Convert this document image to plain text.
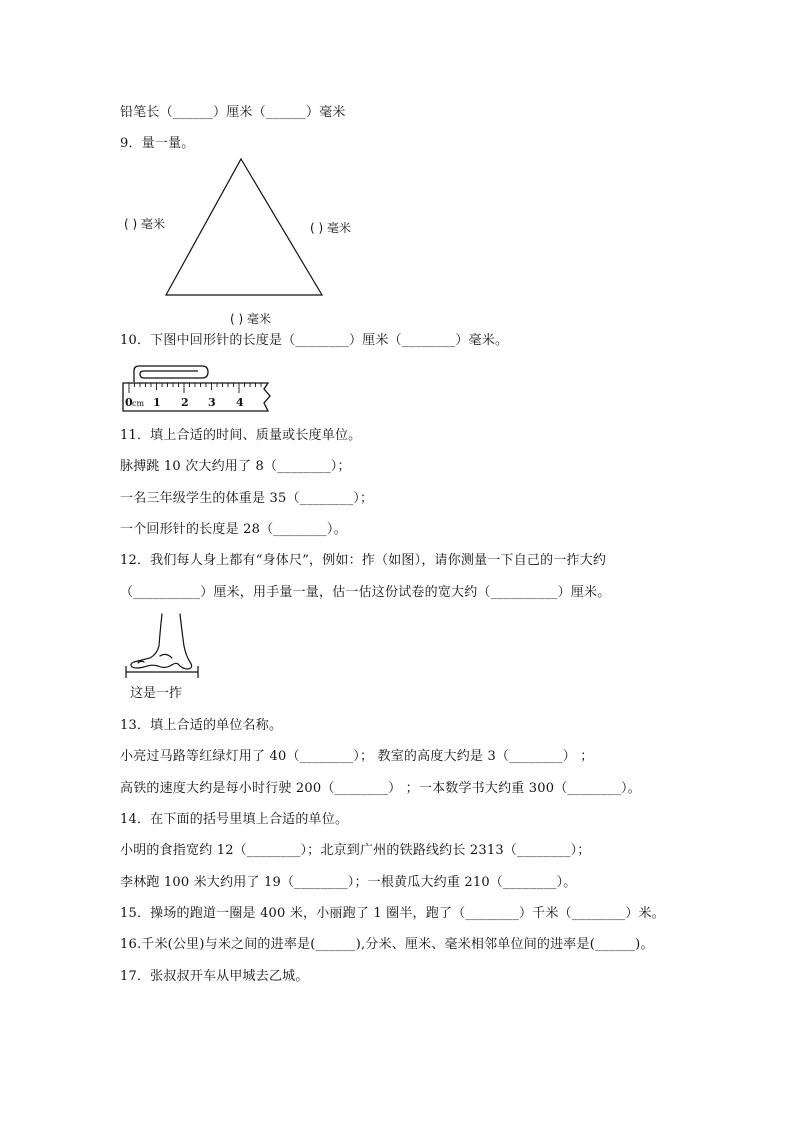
铅笔长（______）厘米（______）毫米
9．量一量。
( ) 毫米	( ) 毫米
( ) 毫米
10．下图中回形针的长度是（________）厘米（________）毫米。
0 cm 1 2 3 4
11．填上合适的时间、质量或长度单位。
脉搏跳 10 次大约用了 8（________）；
一名三年级学生的体重是 35（________）；
一个回形针的长度是 28（________）。
12．我们每人身上都有“身体尺”，例如：拃（如图），请你测量一下自己的一拃大约
（__________）厘米，用手量一量，估一估这份试卷的宽大约（__________）厘米。
这是一拃
13．填上合适的单位名称。
小亮过马路等红绿灯用了 40（________）； 教室的高度大约是 3（________） ；
高铁的速度大约是每小时行驶 200（________） ；一本数学书大约重 300（________）。
14．在下面的括号里填上合适的单位。
小明的食指宽约 12（________）；北京到广州的铁路线约长 2313（________）；
李林跑 100 米大约用了 19（________）；一根黄瓜大约重 210（________）。
15．操场的跑道一圈是 400 米，小丽跑了 1 圈半，跑了（________）千米（________）米。
16.千米(公里)与米之间的进率是(______),分米、厘米、毫米相邻单位间的进率是(______)。
17．张叔叔开车从甲城去乙城。
